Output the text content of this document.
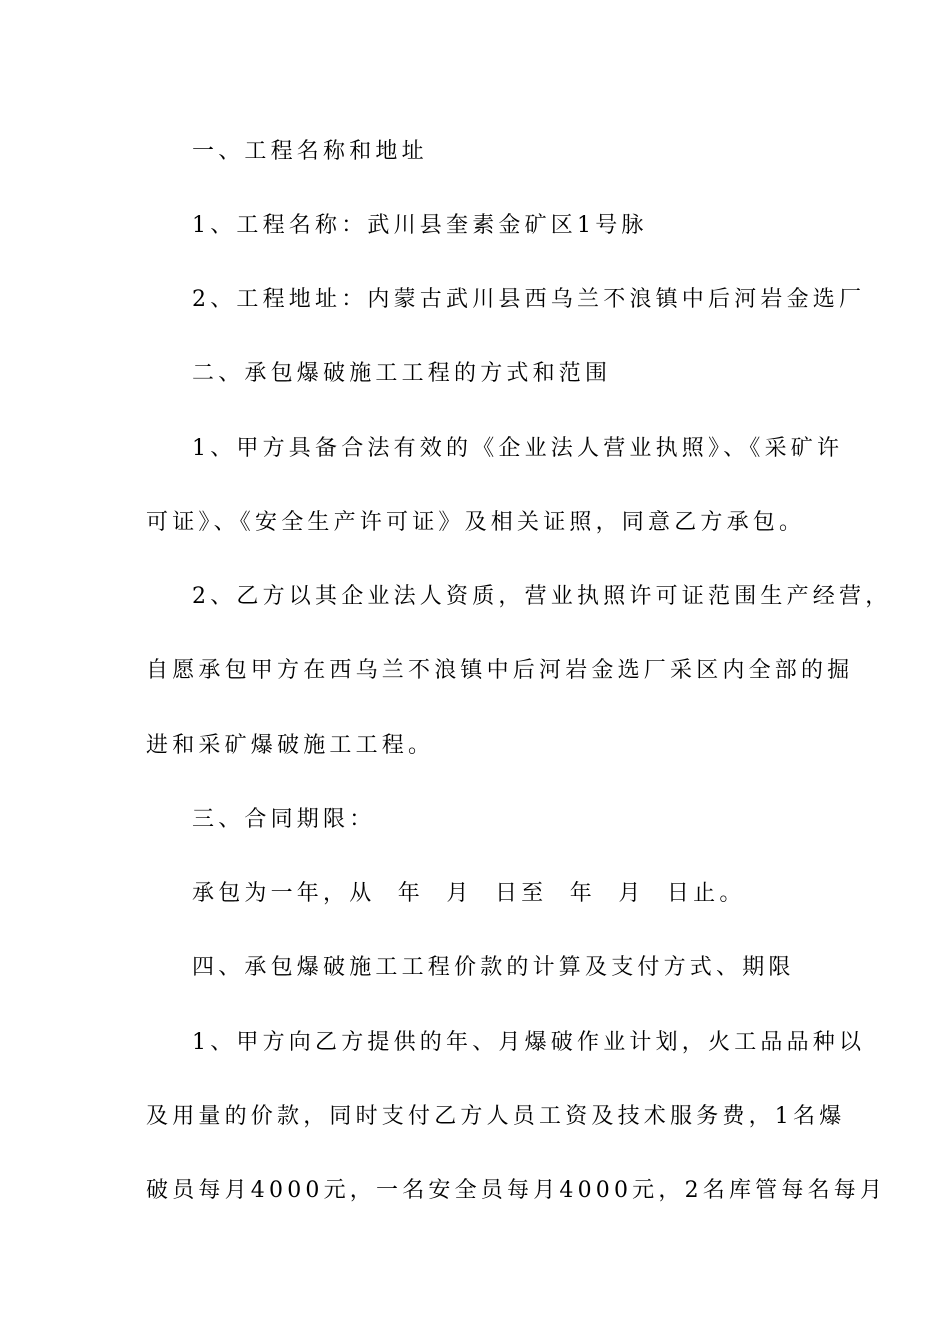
一、工程名称和地址
1、工程名称：武川县奎素金矿区1号脉
2、工程地址：内蒙古武川县西乌兰不浪镇中后河岩金选厂
二、承包爆破施工工程的方式和范围
1、甲方具备合法有效的《企业法人营业执照》、《采矿许
可证》、《安全生产许可证》及相关证照，同意乙方承包。
2、乙方以其企业法人资质，营业执照许可证范围生产经营，
自愿承包甲方在西乌兰不浪镇中后河岩金选厂采区内全部的掘
进和采矿爆破施工工程。
三、合同期限：
承包为一年，从  年  月  日至  年  月  日止。
四、承包爆破施工工程价款的计算及支付方式、期限
1、甲方向乙方提供的年、月爆破作业计划，火工品品种以
及用量的价款，同时支付乙方人员工资及技术服务费，1名爆
破员每月4000元，一名安全员每月4000元，2名库管每名每月
